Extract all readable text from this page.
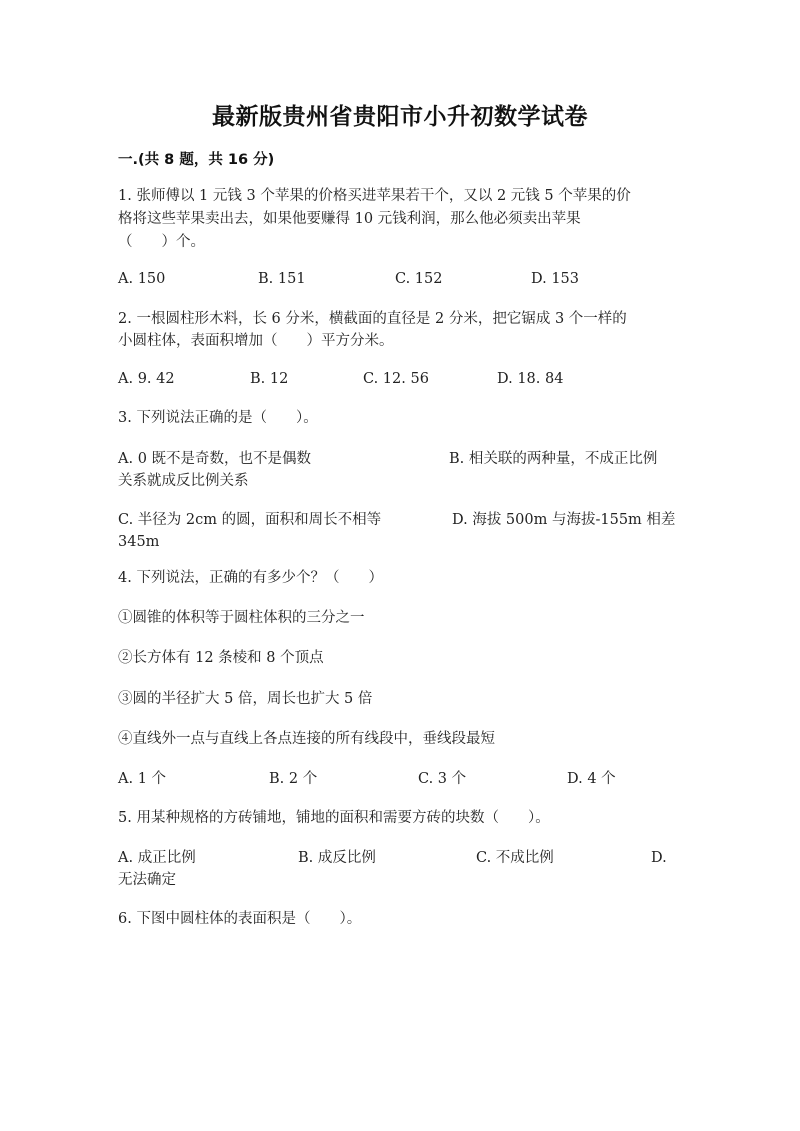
最新版贵州省贵阳市小升初数学试卷
一.(共 8 题，共 16 分)
1. 张师傅以 1 元钱 3 个苹果的价格买进苹果若干个，又以 2 元钱 5 个苹果的价
格将这些苹果卖出去，如果他要赚得 10 元钱利润，那么他必须卖出苹果
（　　）个。
A. 150	B. 151	C. 152	D. 153
2. 一根圆柱形木料，长 6 分米，横截面的直径是 2 分米，把它锯成 3 个一样的
小圆柱体，表面积增加（　　）平方分米。
A. 9. 42	B. 12	C. 12. 56	D. 18. 84
3. 下列说法正确的是（　　）。
A. 0 既不是奇数，也不是偶数	B. 相关联的两种量，不成正比例
关系就成反比例关系
C. 半径为 2cm 的圆，面积和周长不相等	D. 海拔 500m 与海拔-155m 相差
345m
4. 下列说法，正确的有多少个？（　　）
①圆锥的体积等于圆柱体积的三分之一
②长方体有 12 条棱和 8 个顶点
③圆的半径扩大 5 倍，周长也扩大 5 倍
④直线外一点与直线上各点连接的所有线段中，垂线段最短
A. 1 个	B. 2 个	C. 3 个	D. 4 个
5. 用某种规格的方砖铺地，铺地的面积和需要方砖的块数（　　）。
A. 成正比例	B. 成反比例	C. 不成比例	D.
无法确定
6. 下图中圆柱体的表面积是（　　）。
